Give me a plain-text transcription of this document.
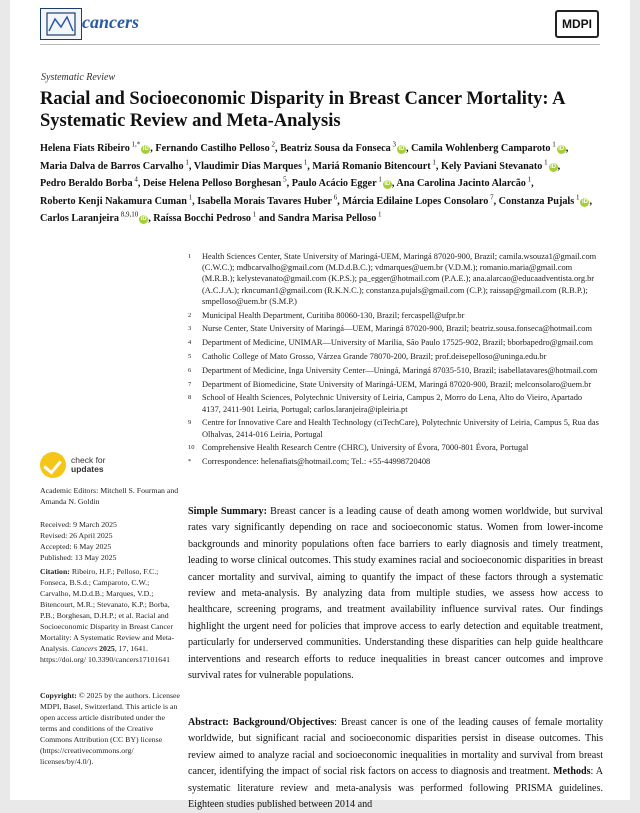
cancers	MDPI
Systematic Review
Racial and Socioeconomic Disparity in Breast Cancer Mortality: A Systematic Review and Meta-Analysis
Helena Fiats Ribeiro $^{1,*}$iD , Fernando Castilho Pelloso $^2$, Beatriz Sousa da Fonseca $^3$iD , Camila Wohlenberg Camparoto $^1$iD , Maria Dalva de Barros Carvalho $^1$, Vlaudimir Dias Marques $^1$, Mariá Romanio Bitencourt $^1$, Kely Paviani Stevanato $^1$iD , Pedro Beraldo Borba $^4$, Deise Helena Pelloso Borghesan $^5$, Paulo Acácio Egger $^1$iD , Ana Carolina Jacinto Alarcão $^1$, Roberto Kenji Nakamura Cuman $^1$, Isabella Morais Tavares Huber $^6$, Márcia Edilaine Lopes Consolaro $^7$, Constanza Pujals $^1$iD , Carlos Laranjeira $^{8,9,10}$iD , Raíssa Bocchi Pedroso $^1$ and Sandra Marisa Pelloso $^1$
1	Health Sciences Center, State University of Maringá-UEM, Maringá 87020-900, Brazil; camila.wsouza1@gmail.com (C.W.C.); mdbcarvalho@gmail.com (M.D.d.B.C.); vdmarques@uem.br (V.D.M.); romanio.maria@gmail.com (M.R.B.); kelystevanato@gmail.com (K.P.S.); pa_egger@hotmail.com (P.A.E.); ana.alarcao@educaadventista.org.br (A.C.J.A.); rkncuman1@gmail.com (R.K.N.C.); constanza.pujals@gmail.com (C.P.); raissap@gmail.com (R.B.P.); smpelloso@uem.br (S.M.P.)
2	Municipal Health Department, Curitiba 80060-130, Brazil; fercaspell@ufpr.br
3	Nurse Center, State University of Maringá—UEM, Maringá 87020-900, Brazil; beatriz.sousa.fonseca@hotmail.com
4	Department of Medicine, UNIMAR—University of Marilia, São Paulo 17525-902, Brazil; bborbapedro@gmail.com
5	Catholic College of Mato Grosso, Várzea Grande 78070-200, Brazil; prof.deisepelloso@uninga.edu.br
6	Department of Medicine, Inga University Center—Uningá, Maringá 87035-510, Brazil; isabellatavares@hotmail.com
7	Department of Biomedicine, State University of Maringá-UEM, Maringá 87020-900, Brazil; melconsolaro@uem.br
8	School of Health Sciences, Polytechnic University of Leiria, Campus 2, Morro do Lena, Alto do Vieiro, Apartado 4137, 2411-901 Leiria, Portugal; carlos.laranjeira@ipleiria.pt
9	Centre for Innovative Care and Health Technology (ciTechCare), Polytechnic University of Leiria, Campus 5, Rua das Olhalvas, 2414-016 Leiria, Portugal
10 Comprehensive Health Research Centre (CHRC), University of Évora, 7000-801 Évora, Portugal
*	Correspondence: helenafiats@hotmail.com; Tel.: +55-44998720408
check for
updates
Academic Editors: Mitchell S. Fourman and Amanda N. Goldin
Received: 9 March 2025
Revised: 26 April 2025
Accepted: 6 May 2025
Published: 13 May 2025
Citation: Ribeiro, H.F.; Pelloso, F.C.; Fonseca, B.S.d.; Camparoto, C.W.; Carvalho, M.D.d.B.; Marques, V.D.; Bitencourt, M.R.; Stevanato, K.P.; Borba, P.B.; Borghesan, D.H.P.; et al. Racial and Socioeconomic Disparity in Breast Cancer Mortality: A Systematic Review and Meta-Analysis. Cancers 2025, 17, 1641. https://doi.org/ 10.3390/cancers17101641
Copyright: © 2025 by the authors. Licensee MDPI, Basel, Switzerland. This article is an open access article distributed under the terms and conditions of the Creative Commons Attribution (CC BY) license (https://creativecommons.org/ licenses/by/4.0/).
Simple Summary: Breast cancer is a leading cause of death among women worldwide, but survival rates vary significantly depending on race and socioeconomic status. Women from lower-income backgrounds and minority populations often face barriers to early diagnosis and timely treatment, leading to worse clinical outcomes. This study examines racial and socioeconomic disparities in breast cancer mortality and survival, aiming to quantify the impact of these factors through a systematic review and meta-analysis. By analyzing data from multiple studies, we assess how access to healthcare, screening programs, and treatment availability influence survival rates. Our findings highlight the urgent need for policies that improve access to early detection and equitable treatment, particularly for underserved communities. Understanding these disparities can help guide healthcare interventions and research efforts to reduce inequalities in breast cancer outcomes and improve survival rates for vulnerable populations.
Abstract: Background/Objectives: Breast cancer is one of the leading causes of female mortality worldwide, but significant racial and socioeconomic disparities persist in disease outcomes. This review aimed to analyze racial and socioeconomic inequalities in mortality and survival from breast cancer, identifying the impact of social risk factors on access to diagnosis and treatment. Methods: A systematic literature review and meta-analysis was performed following PRISMA guidelines. Eighteen studies published between 2014 and
